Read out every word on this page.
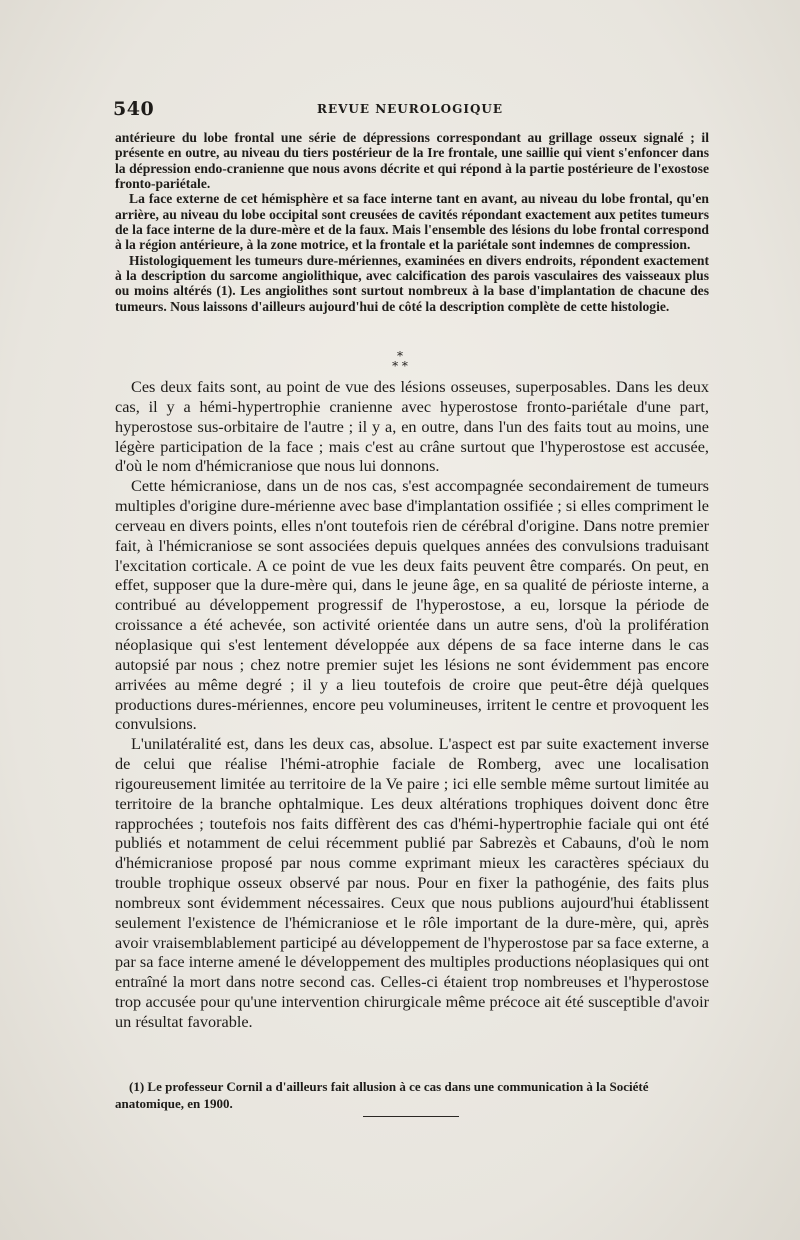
540	REVUE NEUROLOGIQUE

antérieure du lobe frontal une série de dépressions correspondant au grillage osseux signalé ; il présente en outre, au niveau du tiers postérieur de la Ire frontale, une saillie qui vient s'enfoncer dans la dépression endo-cranienne que nous avons décrite et qui répond à la partie postérieure de l'exostose fronto-pariétale.

La face externe de cet hémisphère et sa face interne tant en avant, au niveau du lobe frontal, qu'en arrière, au niveau du lobe occipital sont creusées de cavités répondant exactement aux petites tumeurs de la face interne de la dure-mère et de la faux. Mais l'ensemble des lésions du lobe frontal correspond à la région antérieure, à la zone motrice, et la frontale et la pariétale sont indemnes de compression.

Histologiquement les tumeurs dure-mériennes, examinées en divers endroits, répondent exactement à la description du sarcome angiolithique, avec calcification des parois vasculaires des vaisseaux plus ou moins altérés (1). Les angiolithes sont surtout nombreux à la base d'implantation de chacune des tumeurs. Nous laissons d'ailleurs aujourd'hui de côté la description complète de cette histologie.

*
* *

Ces deux faits sont, au point de vue des lésions osseuses, superposables. Dans les deux cas, il y a hémi-hypertrophie cranienne avec hyperostose fronto-pariétale d'une part, hyperostose sus-orbitaire de l'autre ; il y a, en outre, dans l'un des faits tout au moins, une légère participation de la face ; mais c'est au crâne surtout que l'hyperostose est accusée, d'où le nom d'hémicraniose que nous lui donnons.

Cette hémicraniose, dans un de nos cas, s'est accompagnée secondairement de tumeurs multiples d'origine dure-mérienne avec base d'implantation ossifiée ; si elles compriment le cerveau en divers points, elles n'ont toutefois rien de cérébral d'origine. Dans notre premier fait, à l'hémicraniose se sont associées depuis quelques années des convulsions traduisant l'excitation corticale. A ce point de vue les deux faits peuvent être comparés. On peut, en effet, supposer que la dure-mère qui, dans le jeune âge, en sa qualité de périoste interne, a contribué au développement progressif de l'hyperostose, a eu, lorsque la période de croissance a été achevée, son activité orientée dans un autre sens, d'où la prolifération néoplasique qui s'est lentement développée aux dépens de sa face interne dans le cas autopsié par nous ; chez notre premier sujet les lésions ne sont évidemment pas encore arrivées au même degré ; il y a lieu toutefois de croire que peut-être déjà quelques productions dures-mériennes, encore peu volumineuses, irritent le centre et provoquent les convulsions.

L'unilatéralité est, dans les deux cas, absolue. L'aspect est par suite exactement inverse de celui que réalise l'hémi-atrophie faciale de Romberg, avec une localisation rigoureusement limitée au territoire de la Ve paire ; ici elle semble même surtout limitée au territoire de la branche ophtalmique. Les deux altérations trophiques doivent donc être rapprochées ; toutefois nos faits diffèrent des cas d'hémi-hypertrophie faciale qui ont été publiés et notamment de celui récemment publié par Sabrezès et Cabauns, d'où le nom d'hémicraniose proposé par nous comme exprimant mieux les caractères spéciaux du trouble trophique osseux observé par nous. Pour en fixer la pathogénie, des faits plus nombreux sont évidemment nécessaires. Ceux que nous publions aujourd'hui établissent seulement l'existence de l'hémicraniose et le rôle important de la dure-mère, qui, après avoir vraisemblablement participé au développement de l'hyperostose par sa face externe, a par sa face interne amené le développement des multiples productions néoplasiques qui ont entraîné la mort dans notre second cas. Celles-ci étaient trop nombreuses et l'hyperostose trop accusée pour qu'une intervention chirurgicale même précoce ait été susceptible d'avoir un résultat favorable.

(1) Le professeur Cornil a d'ailleurs fait allusion à ce cas dans une communication à la Société anatomique, en 1900.
